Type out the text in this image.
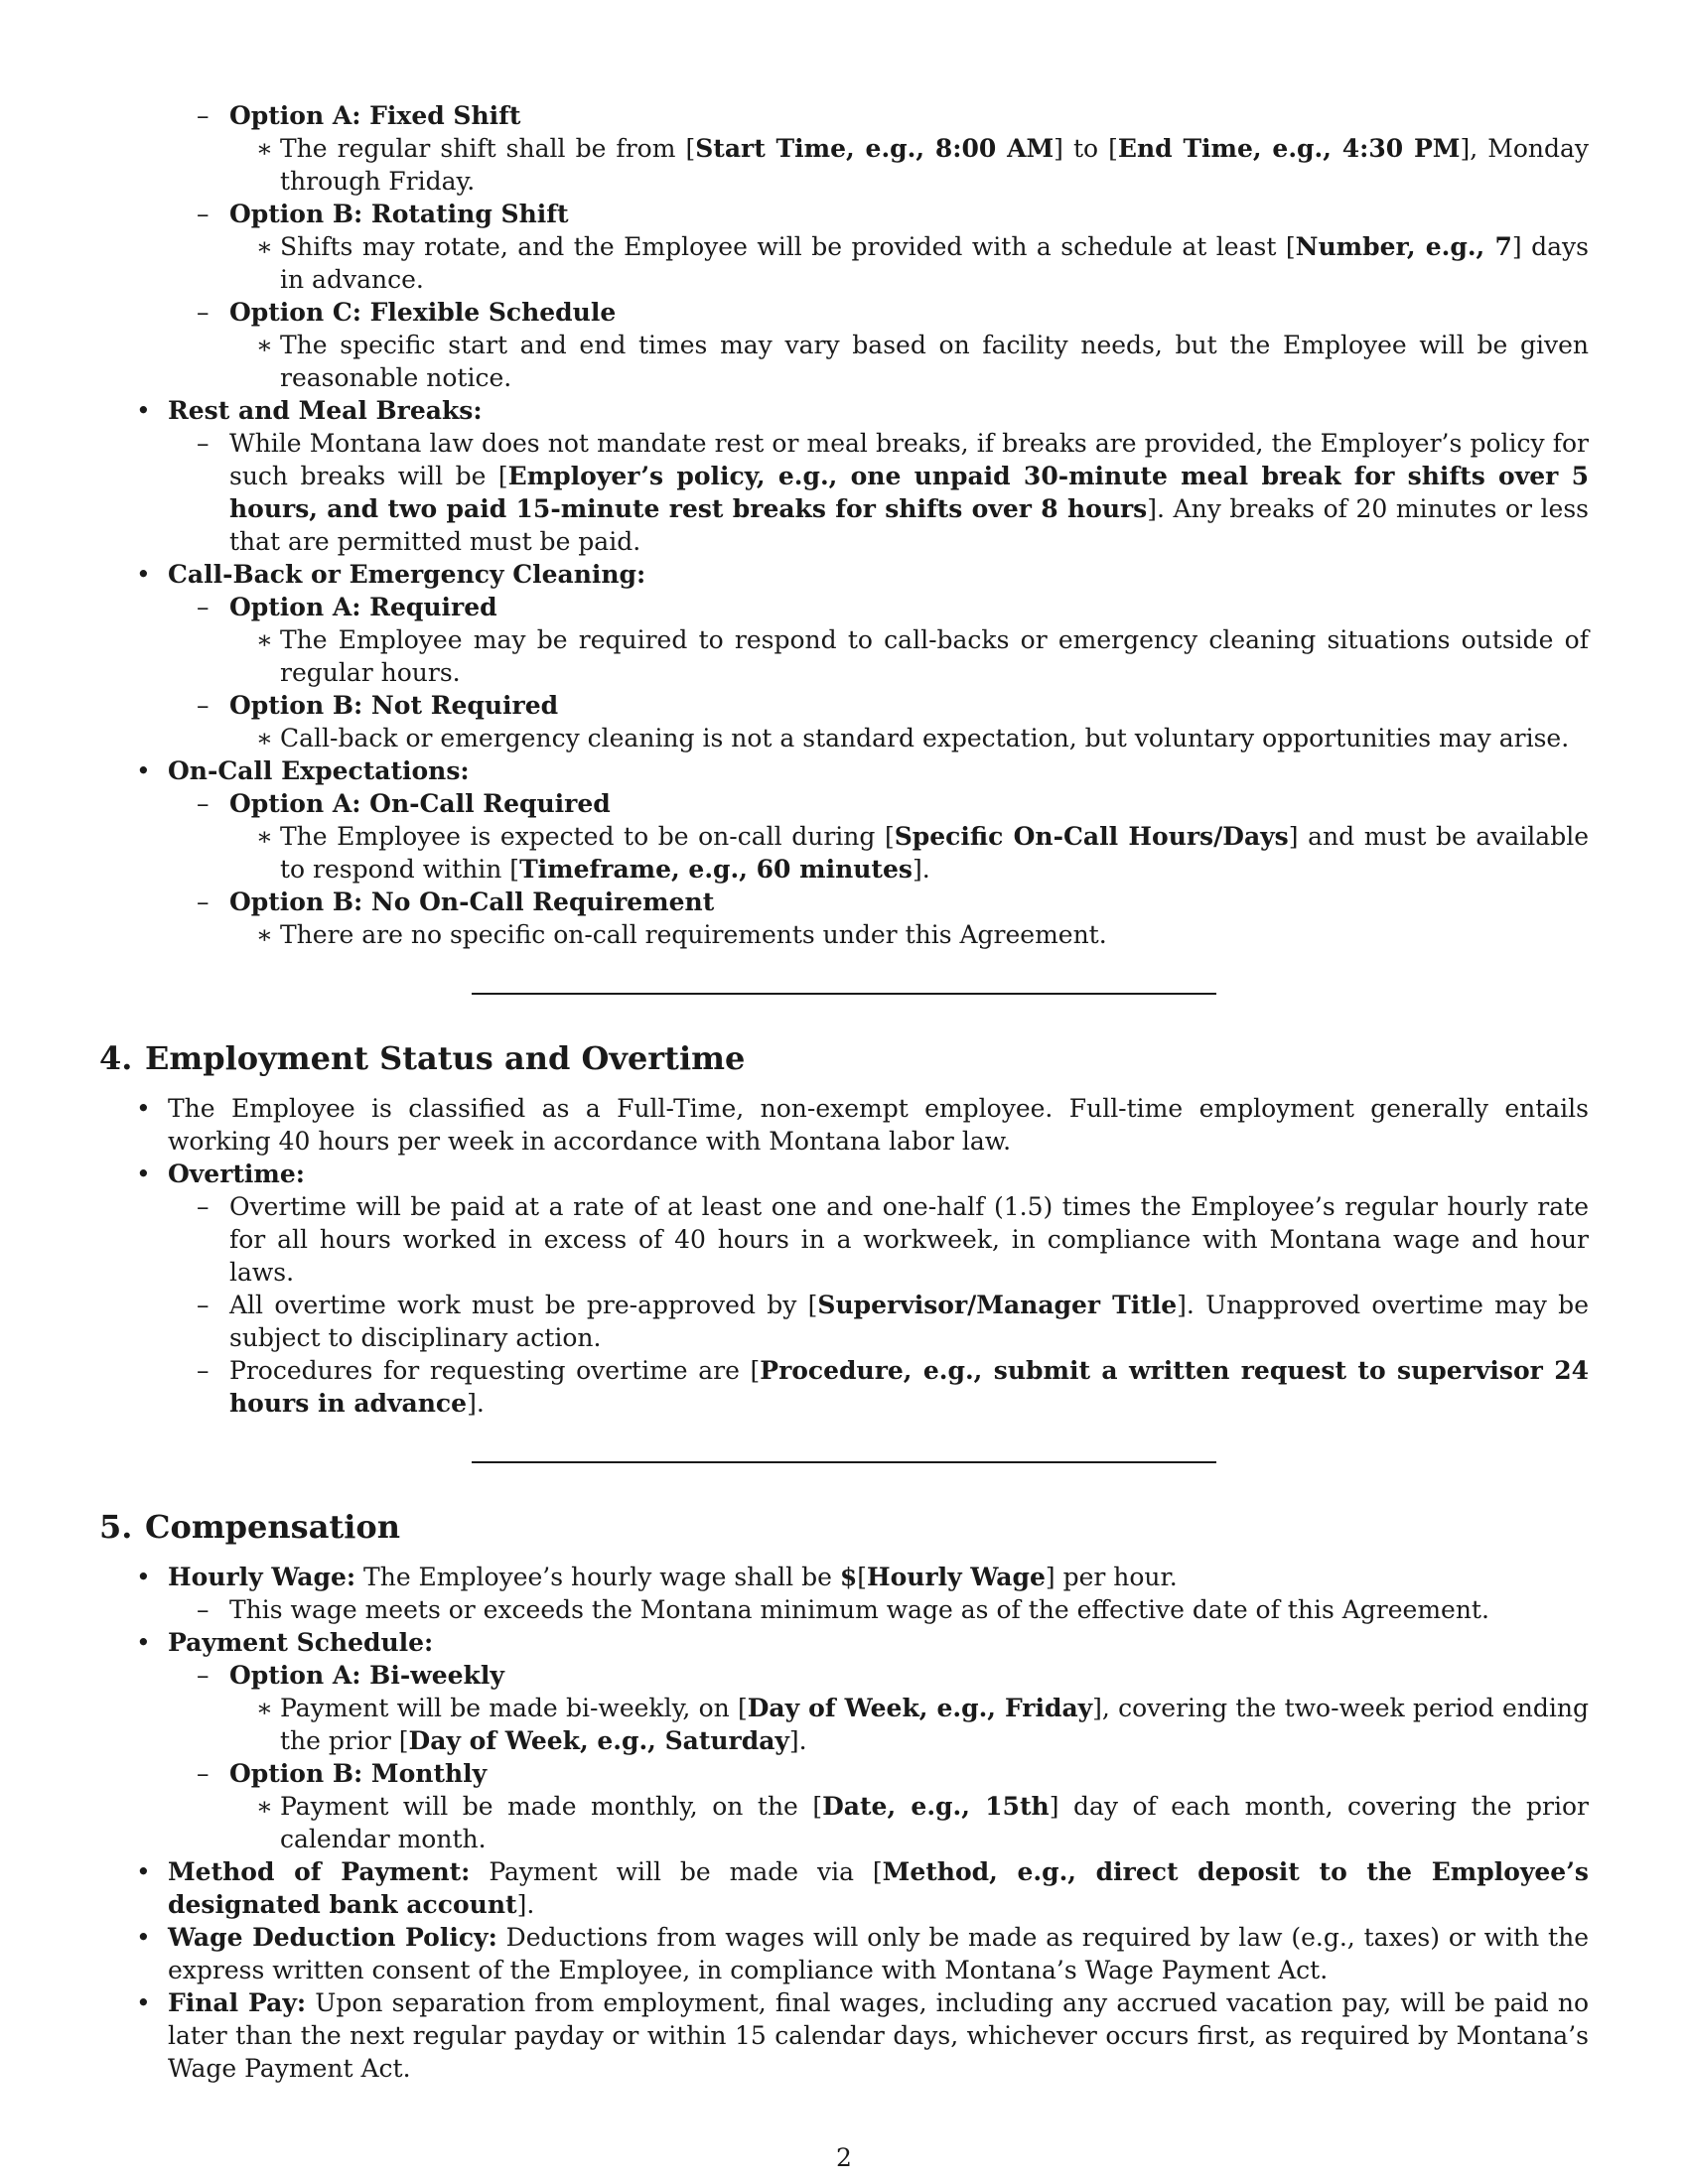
– Option A: Fixed Shift
∗ The regular shift shall be from [Start Time, e.g., 8:00 AM] to [End Time, e.g., 4:30 PM], Monday through Friday.
– Option B: Rotating Shift
∗ Shifts may rotate, and the Employee will be provided with a schedule at least [Number, e.g., 7] days in advance.
– Option C: Flexible Schedule
∗ The specific start and end times may vary based on facility needs, but the Employee will be given reasonable notice.
• Rest and Meal Breaks:
– While Montana law does not mandate rest or meal breaks, if breaks are provided, the Employer’s policy for such breaks will be [Employer’s policy, e.g., one unpaid 30-minute meal break for shifts over 5 hours, and two paid 15-minute rest breaks for shifts over 8 hours]. Any breaks of 20 minutes or less that are permitted must be paid.
• Call-Back or Emergency Cleaning:
– Option A: Required
∗ The Employee may be required to respond to call-backs or emergency cleaning situations outside of regular hours.
– Option B: Not Required
∗ Call-back or emergency cleaning is not a standard expectation, but voluntary opportunities may arise.
• On-Call Expectations:
– Option A: On-Call Required
∗ The Employee is expected to be on-call during [Specific On-Call Hours/Days] and must be available to respond within [Timeframe, e.g., 60 minutes].
– Option B: No On-Call Requirement
∗ There are no specific on-call requirements under this Agreement.
4. Employment Status and Overtime
• The Employee is classified as a Full-Time, non-exempt employee. Full-time employment generally entails working 40 hours per week in accordance with Montana labor law.
• Overtime:
– Overtime will be paid at a rate of at least one and one-half (1.5) times the Employee’s regular hourly rate for all hours worked in excess of 40 hours in a workweek, in compliance with Montana wage and hour laws.
– All overtime work must be pre-approved by [Supervisor/Manager Title]. Unapproved overtime may be subject to disciplinary action.
– Procedures for requesting overtime are [Procedure, e.g., submit a written request to supervisor 24 hours in advance].
5. Compensation
• Hourly Wage: The Employee’s hourly wage shall be $[Hourly Wage] per hour.
– This wage meets or exceeds the Montana minimum wage as of the effective date of this Agreement.
• Payment Schedule:
– Option A: Bi-weekly
∗ Payment will be made bi-weekly, on [Day of Week, e.g., Friday], covering the two-week period ending the prior [Day of Week, e.g., Saturday].
– Option B: Monthly
∗ Payment will be made monthly, on the [Date, e.g., 15th] day of each month, covering the prior calendar month.
• Method of Payment: Payment will be made via [Method, e.g., direct deposit to the Employee’s designated bank account].
• Wage Deduction Policy: Deductions from wages will only be made as required by law (e.g., taxes) or with the express written consent of the Employee, in compliance with Montana’s Wage Payment Act.
• Final Pay: Upon separation from employment, final wages, including any accrued vacation pay, will be paid no later than the next regular payday or within 15 calendar days, whichever occurs first, as required by Montana’s Wage Payment Act.
2
